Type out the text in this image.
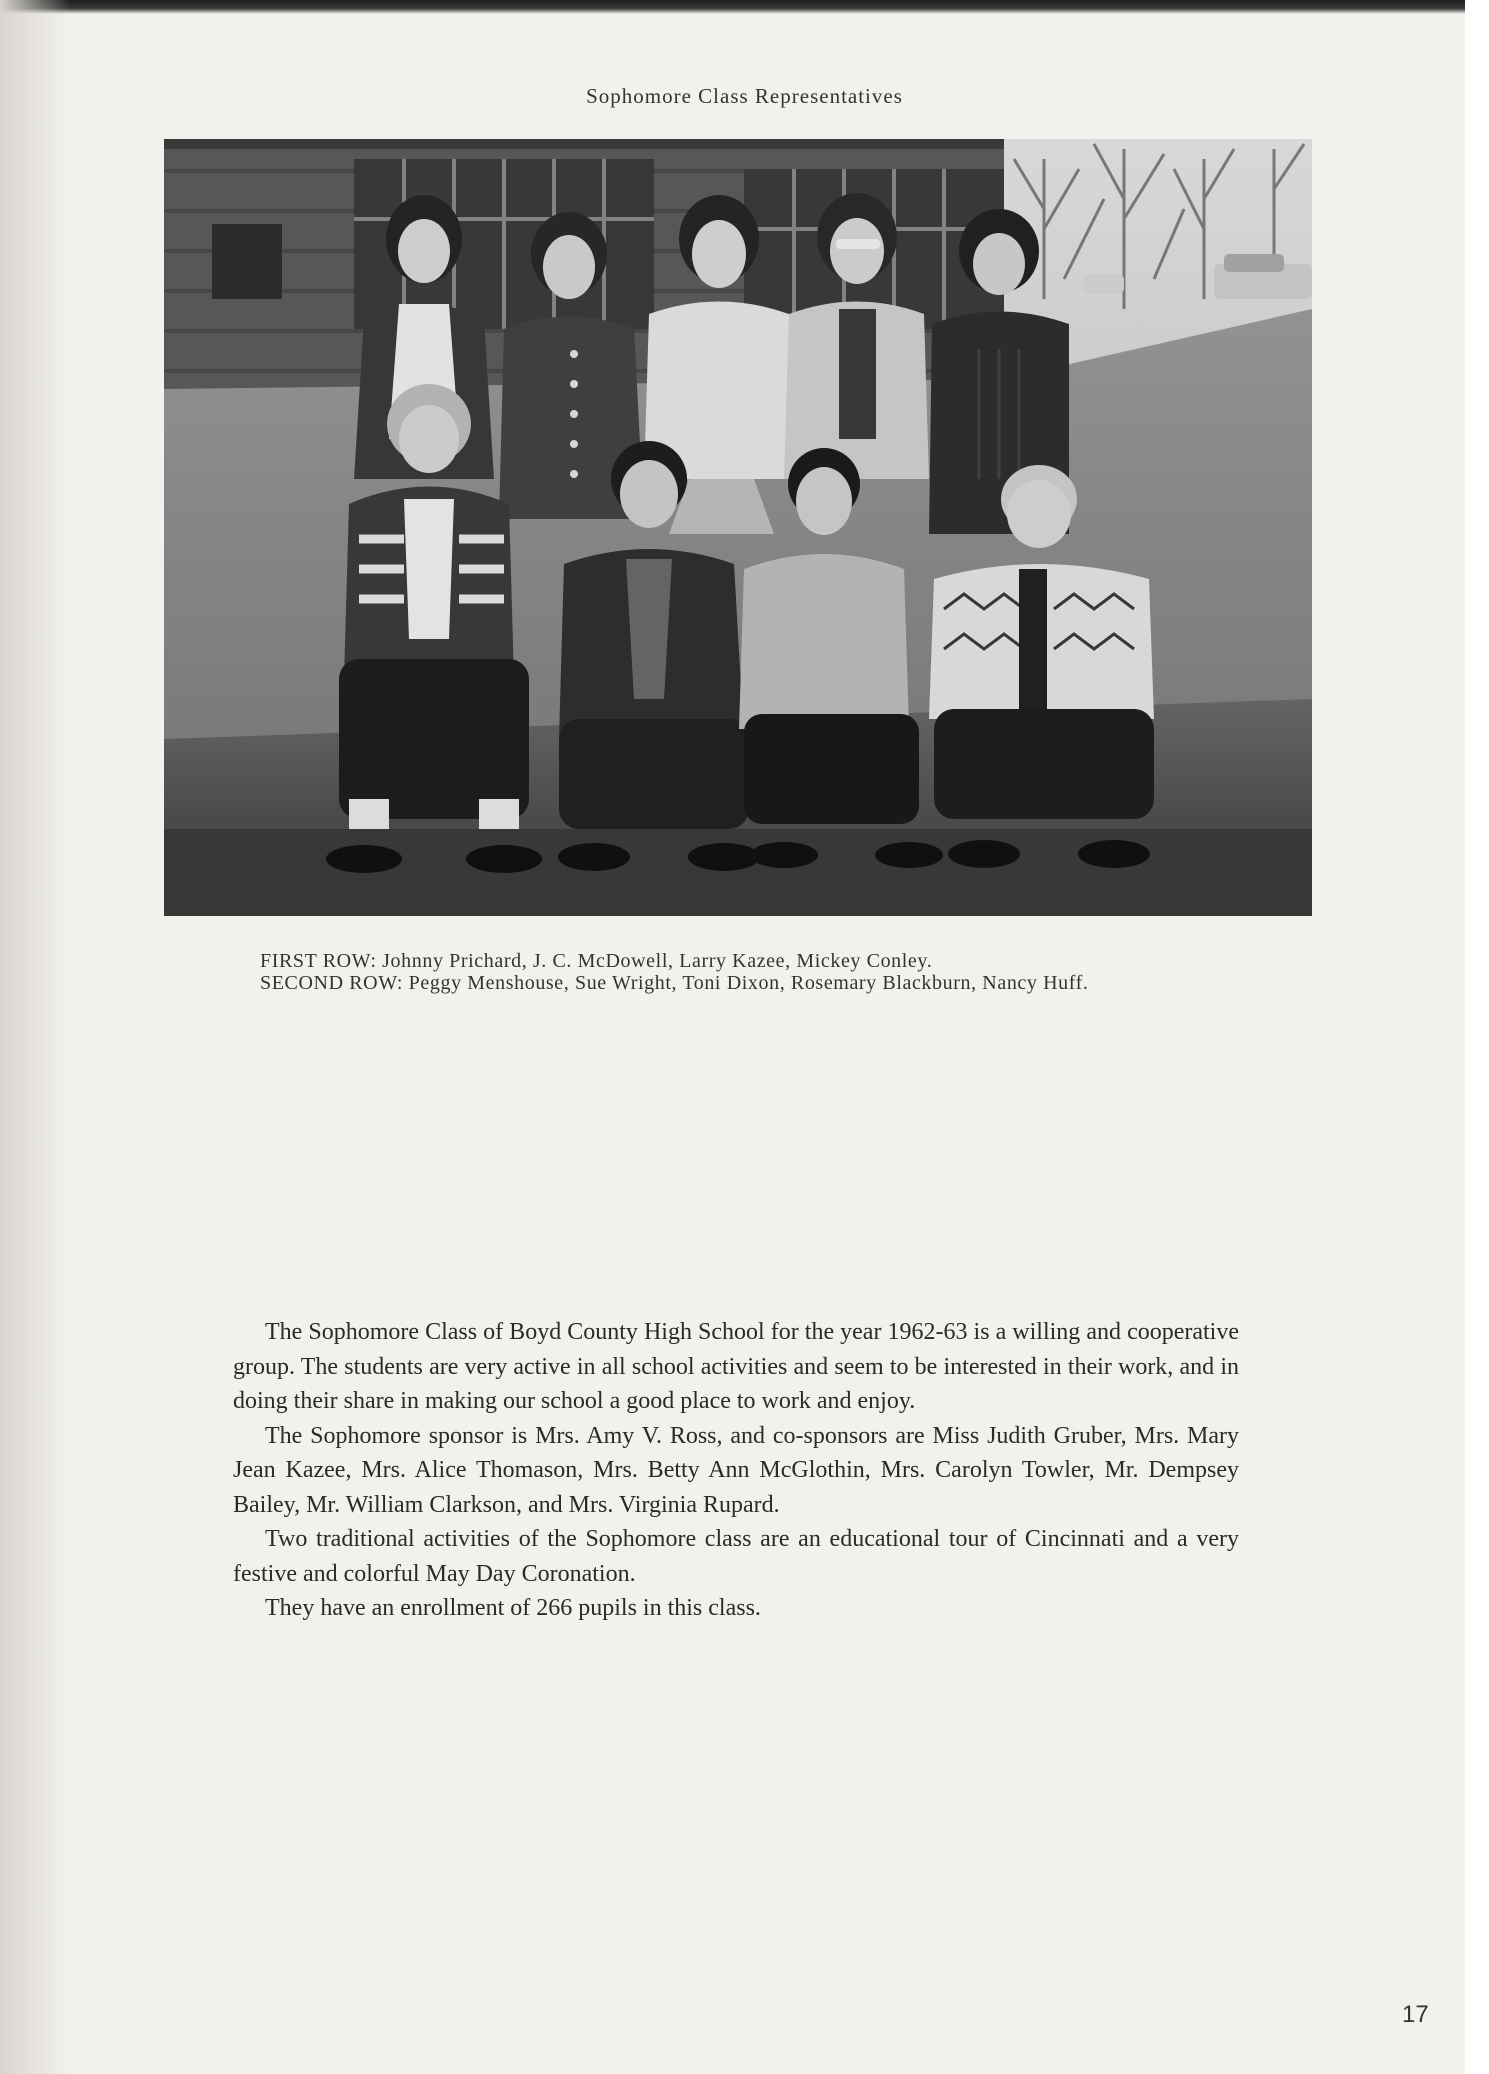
Sophomore Class Representatives
FIRST ROW: Johnny Prichard, J. C. McDowell, Larry Kazee, Mickey Conley.
SECOND ROW: Peggy Menshouse, Sue Wright, Toni Dixon, Rosemary Blackburn, Nancy Huff.

The Sophomore Class of Boyd County High School for the year 1962-63 is a willing and cooperative group. The students are very active in all school activities and seem to be interested in their work, and in doing their share in making our school a good place to work and enjoy.

The Sophomore sponsor is Mrs. Amy V. Ross, and co-sponsors are Miss Judith Gruber, Mrs. Mary Jean Kazee, Mrs. Alice Thomason, Mrs. Betty Ann McGlothin, Mrs. Carolyn Towler, Mr. Dempsey Bailey, Mr. William Clarkson, and Mrs. Virginia Rupard.

Two traditional activities of the Sophomore class are an educational tour of Cincinnati and a very festive and colorful May Day Coronation.

They have an enrollment of 266 pupils in this class.

17
